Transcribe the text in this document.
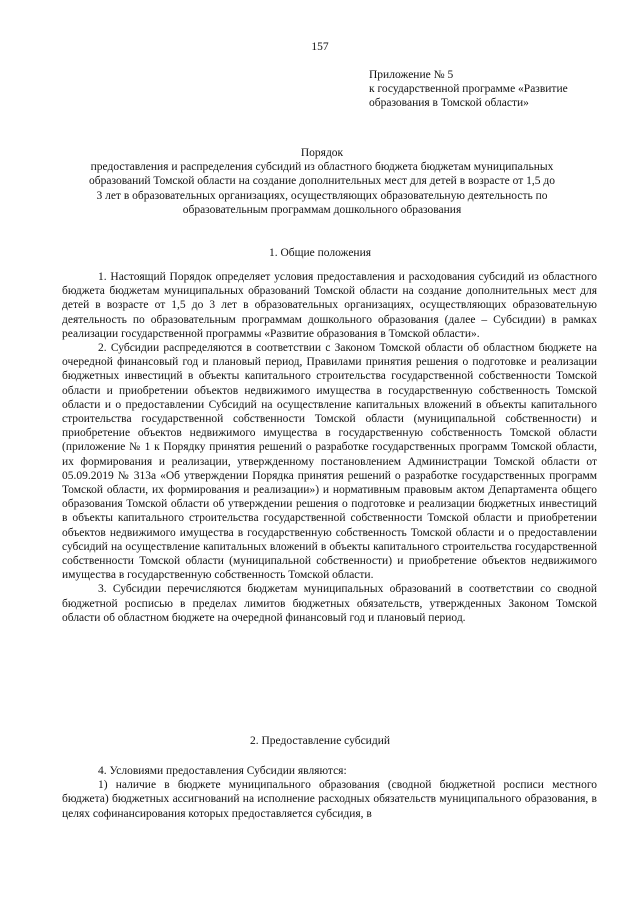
157
Приложение № 5
к государственной программе «Развитие образования в Томской области»
Порядок
предоставления и распределения субсидий из областного бюджета бюджетам муниципальных образований Томской области на создание дополнительных мест для детей в возрасте от 1,5 до 3 лет в образовательных организациях, осуществляющих образовательную деятельность по образовательным программам дошкольного образования
1. Общие положения

1. Настоящий Порядок определяет условия предоставления и расходования субсидий из областного бюджета бюджетам муниципальных образований Томской области на создание дополнительных мест для детей в возрасте от 1,5 до 3 лет в образовательных организациях, осуществляющих образовательную деятельность по образовательным программам дошкольного образования (далее – Субсидии) в рамках реализации государственной программы «Развитие образования в Томской области».

2. Субсидии распределяются в соответствии с Законом Томской области об областном бюджете на очередной финансовый год и плановый период, Правилами принятия решения о подготовке и реализации бюджетных инвестиций в объекты капитального строительства государственной собственности Томской области и приобретении объектов недвижимого имущества в государственную собственность Томской области и о предоставлении Субсидий на осуществление капитальных вложений в объекты капитального строительства государственной собственности Томской области (муниципальной собственности) и приобретение объектов недвижимого имущества в государственную собственность Томской области (приложение № 1 к Порядку принятия решений о разработке государственных программ Томской области, их формирования и реализации, утвержденному постановлением Администрации Томской области от 05.09.2019 № 313а «Об утверждении Порядка принятия решений о разработке государственных программ Томской области, их формирования и реализации») и нормативным правовым актом Департамента общего образования Томской области об утверждении решения о подготовке и реализации бюджетных инвестиций в объекты капитального строительства государственной собственности Томской области и приобретении объектов недвижимого имущества в государственную собственность Томской области и о предоставлении субсидий на осуществление капитальных вложений в объекты капитального строительства государственной собственности Томской области (муниципальной собственности) и приобретение объектов недвижимого имущества в государственную собственность Томской области.

3. Субсидии перечисляются бюджетам муниципальных образований в соответствии со сводной бюджетной росписью в пределах лимитов бюджетных обязательств, утвержденных Законом Томской области об областном бюджете на очередной финансовый год и плановый период.

2. Предоставление субсидий

4. Условиями предоставления Субсидии являются:

1) наличие в бюджете муниципального образования (сводной бюджетной росписи местного бюджета) бюджетных ассигнований на исполнение расходных обязательств муниципального образования, в целях софинансирования которых предоставляется субсидия, в
